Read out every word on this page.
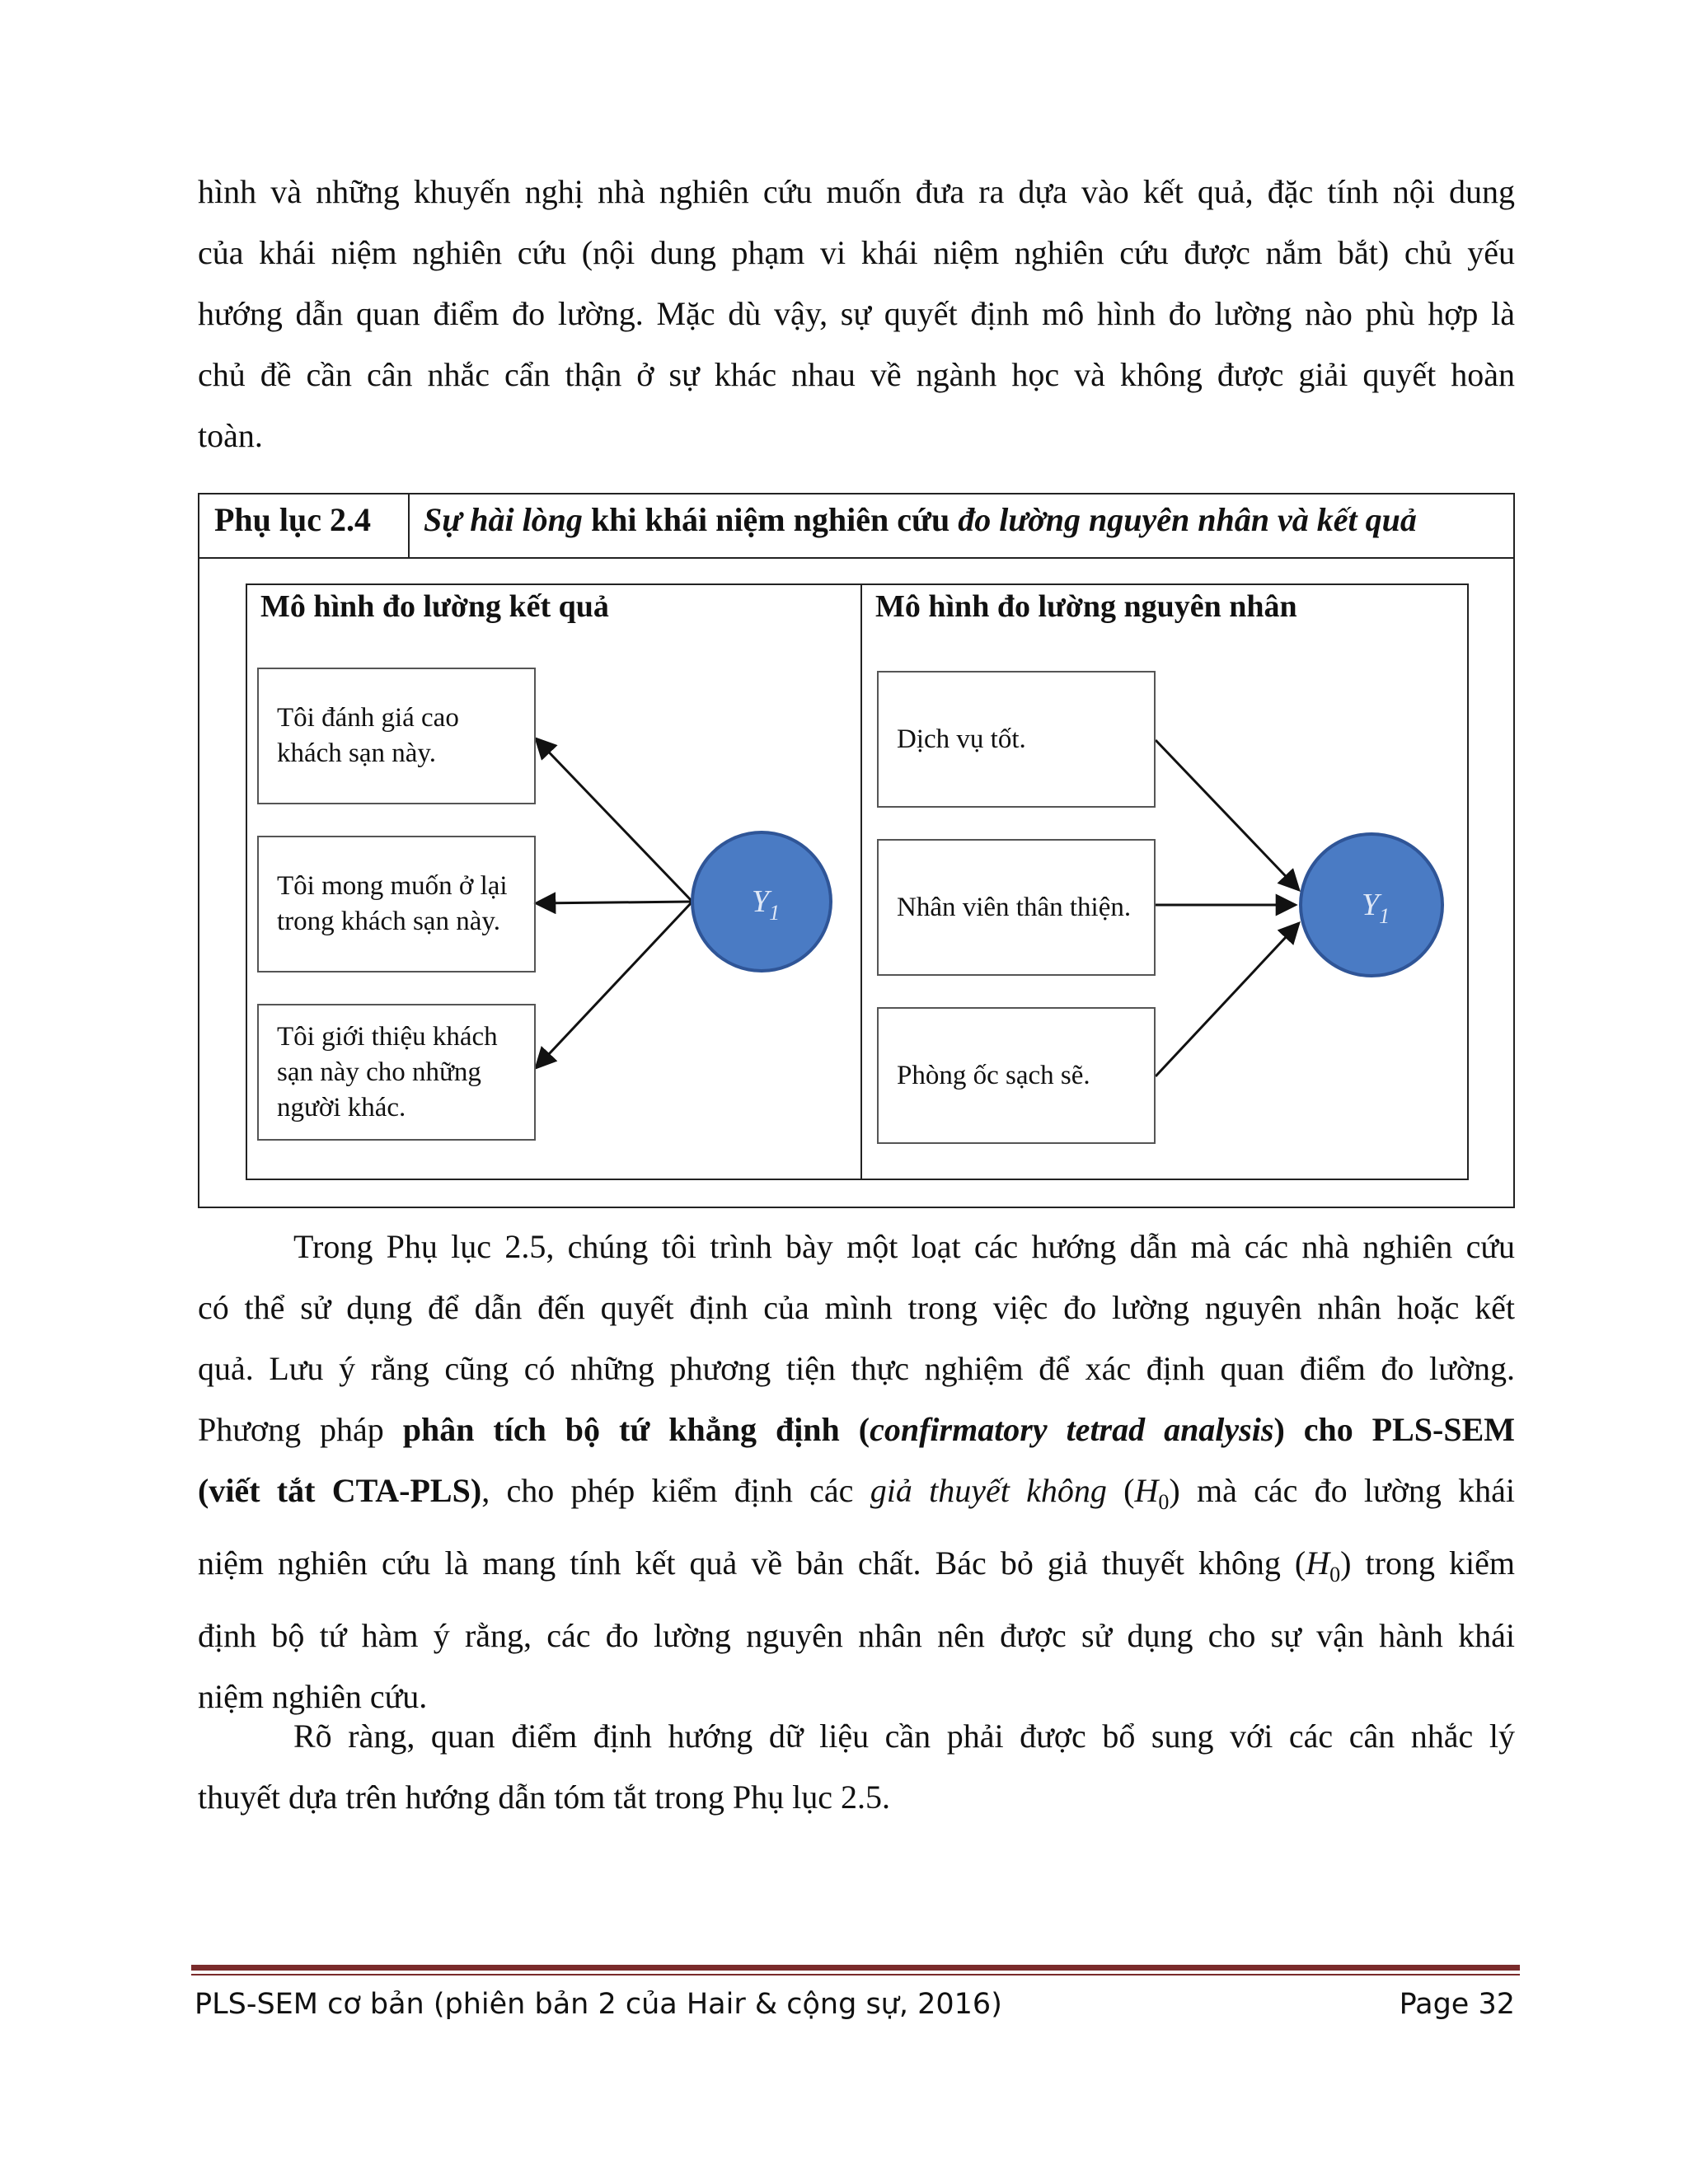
hình và những khuyến nghị nhà nghiên cứu muốn đưa ra dựa vào kết quả, đặc tính nội dung
của khái niệm nghiên cứu (nội dung phạm vi khái niệm nghiên cứu được nắm bắt) chủ yếu
hướng dẫn quan điểm đo lường. Mặc dù vậy, sự quyết định mô hình đo lường nào phù hợp là
chủ đề cần cân nhắc cẩn thận ở sự khác nhau về ngành học và không được giải quyết hoàn
toàn.
Phụ lục 2.4 Sự hài lòng khi khái niệm nghiên cứu đo lường nguyên nhân và kết quả
Mô hình đo lường kết quả	Mô hình đo lường nguyên nhân
$Y_1$	$Y_1$
Tôi đánh giá cao khách sạn này.
Tôi mong muốn ở lại trong khách sạn này.
Tôi giới thiệu khách sạn này cho những người khác.
Dịch vụ tốt.
Nhân viên thân thiện.
Phòng ốc sạch sẽ.
Trong Phụ lục 2.5, chúng tôi trình bày một loạt các hướng dẫn mà các nhà nghiên cứu
có thể sử dụng để dẫn đến quyết định của mình trong việc đo lường nguyên nhân hoặc kết
quả. Lưu ý rằng cũng có những phương tiện thực nghiệm để xác định quan điểm đo lường.
Phương pháp phân tích bộ tứ khẳng định (confirmatory tetrad analysis) cho PLS-SEM
(viết tắt CTA-PLS), cho phép kiểm định các giả thuyết không $(H_0)$ mà các đo lường khái
niệm nghiên cứu là mang tính kết quả về bản chất. Bác bỏ giả thuyết không $(H_0)$ trong kiểm
định bộ tứ hàm ý rằng, các đo lường nguyên nhân nên được sử dụng cho sự vận hành khái
niệm nghiên cứu.
Rõ ràng, quan điểm định hướng dữ liệu cần phải được bổ sung với các cân nhắc lý
thuyết dựa trên hướng dẫn tóm tắt trong Phụ lục 2.5.
PLS-SEM cơ bản (phiên bản 2 của Hair & cộng sự, 2016)	Page 32
